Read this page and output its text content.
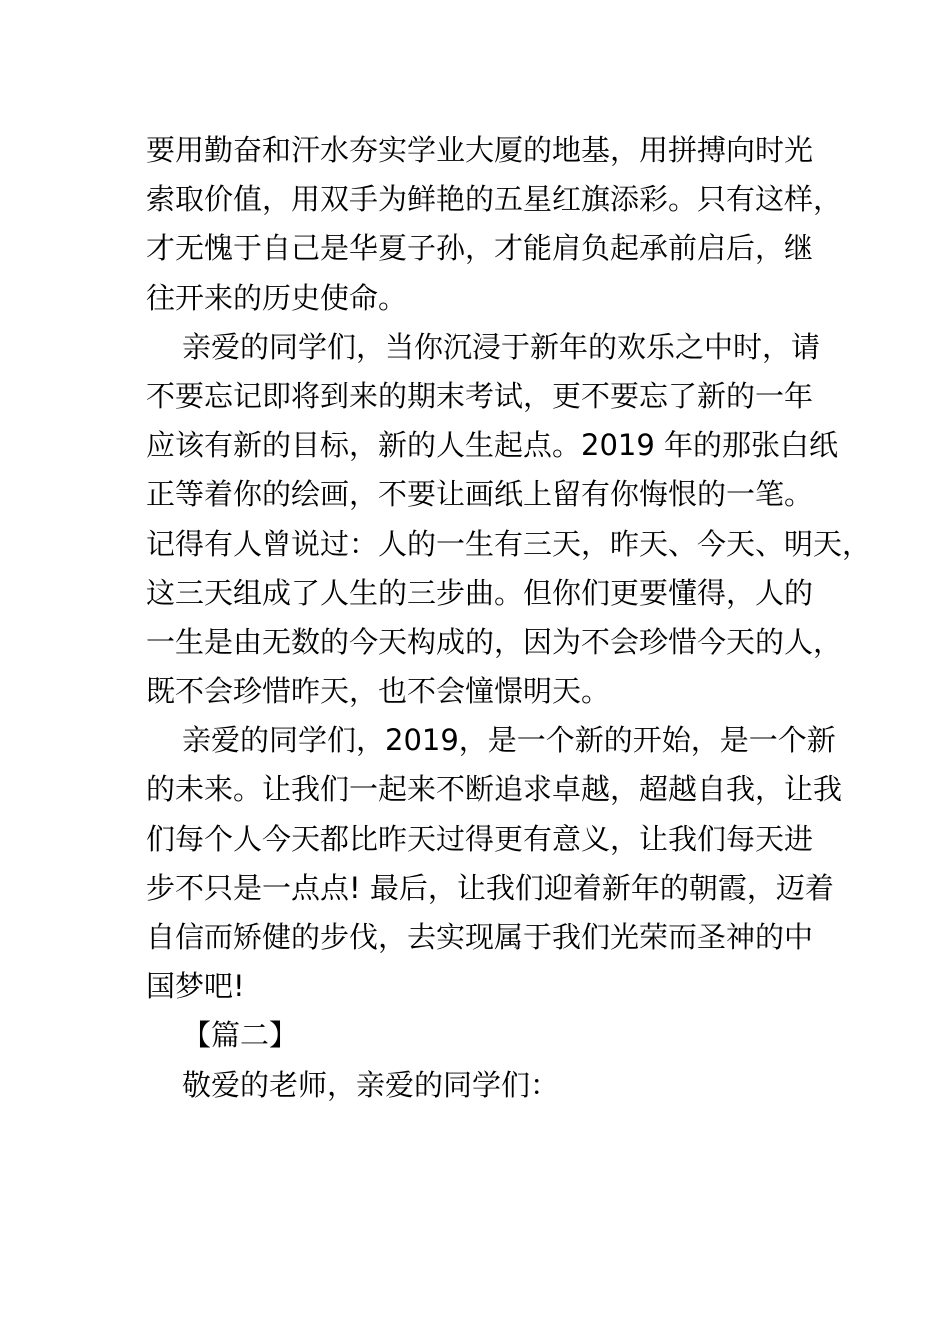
要用勤奋和汗水夯实学业大厦的地基，用拼搏向时光
索取价值，用双手为鲜艳的五星红旗添彩。只有这样，
才无愧于自己是华夏子孙，才能肩负起承前启后，继
往开来的历史使命。
亲爱的同学们，当你沉浸于新年的欢乐之中时，请
不要忘记即将到来的期末考试，更不要忘了新的一年
应该有新的目标，新的人生起点。2019 年的那张白纸
正等着你的绘画，不要让画纸上留有你悔恨的一笔。
记得有人曾说过：人的一生有三天，昨天、今天、明天，
这三天组成了人生的三步曲。但你们更要懂得，人的
一生是由无数的今天构成的，因为不会珍惜今天的人，
既不会珍惜昨天，也不会憧憬明天。
亲爱的同学们，2019，是一个新的开始，是一个新
的未来。让我们一起来不断追求卓越，超越自我，让我
们每个人今天都比昨天过得更有意义，让我们每天进
步不只是一点点! 最后，让我们迎着新年的朝霞，迈着
自信而矫健的步伐，去实现属于我们光荣而圣神的中
国梦吧!
【篇二】
敬爱的老师，亲爱的同学们：
